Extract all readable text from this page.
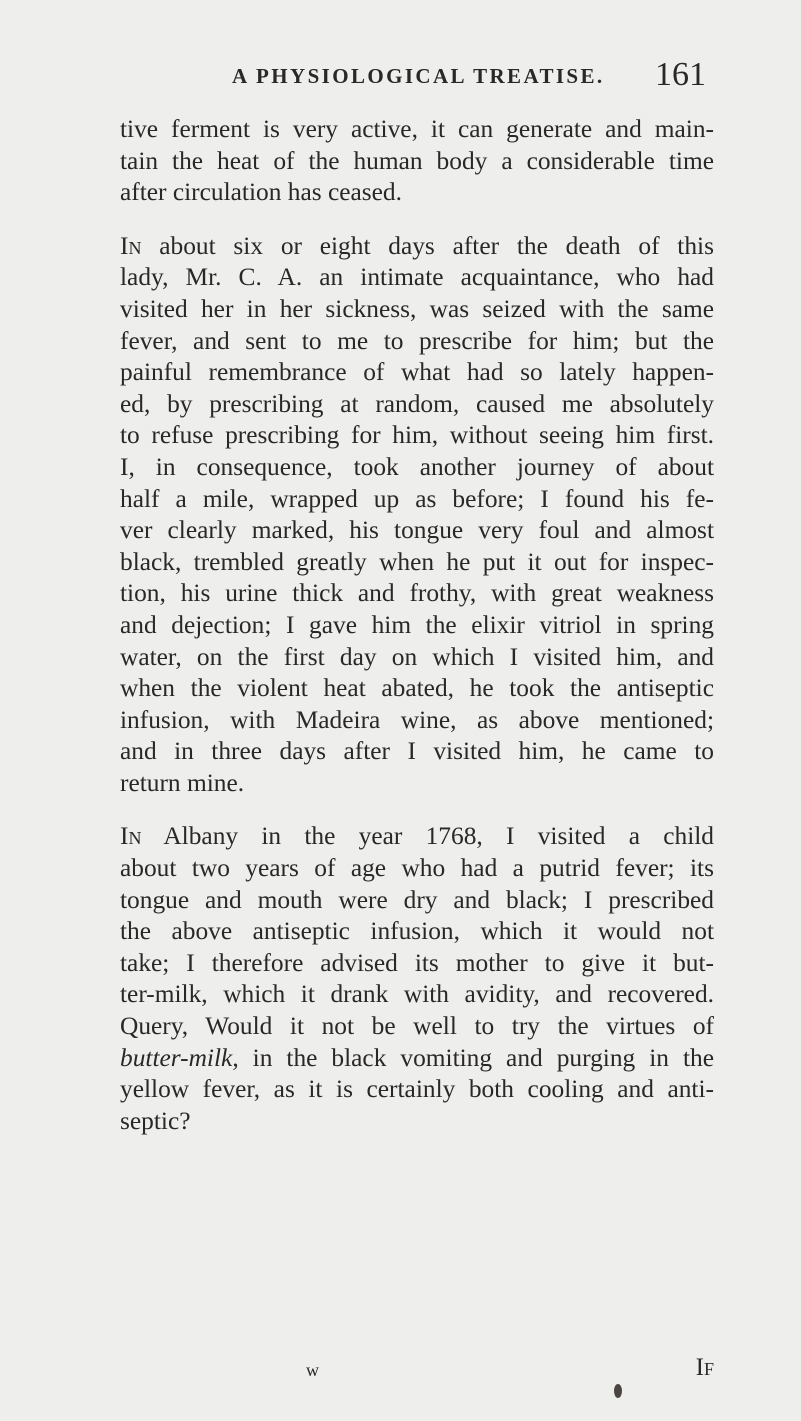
A PHYSIOLOGICAL TREATISE. 161
tive ferment is very active, it can generate and main-
tain the heat of the human body a considerable time
after circulation has ceased.
In about six or eight days after the death of this
lady, Mr. C. A. an intimate acquaintance, who had
visited her in her sickness, was seized with the same
fever, and sent to me to prescribe for him; but the
painful remembrance of what had so lately happen-
ed, by prescribing at random, caused me absolutely
to refuse prescribing for him, without seeing him first.
I, in consequence, took another journey of about
half a mile, wrapped up as before; I found his fe-
ver clearly marked, his tongue very foul and almost
black, trembled greatly when he put it out for inspec-
tion, his urine thick and frothy, with great weakness
and dejection; I gave him the elixir vitriol in spring
water, on the first day on which I visited him, and
when the violent heat abated, he took the antiseptic
infusion, with Madeira wine, as above mentioned;
and in three days after I visited him, he came to
return mine.
In Albany in the year 1768, I visited a child
about two years of age who had a putrid fever; its
tongue and mouth were dry and black; I prescribed
the above antiseptic infusion, which it would not
take; I therefore advised its mother to give it but-
ter-milk, which it drank with avidity, and recovered.
Query, Would it not be well to try the virtues of
butter-milk, in the black vomiting and purging in the
yellow fever, as it is certainly both cooling and anti-
septic?
w	If
